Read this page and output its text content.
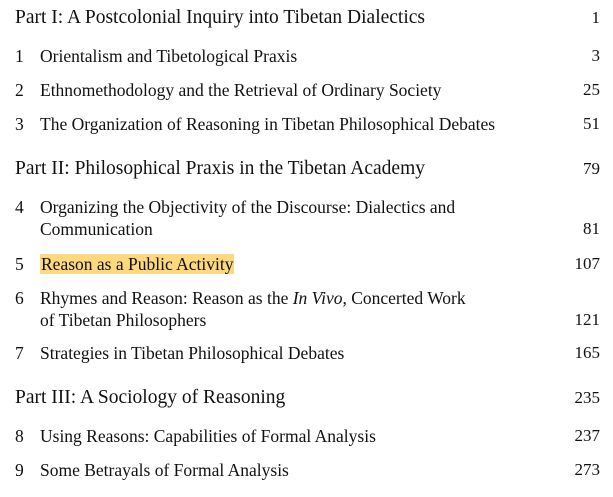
Part I: A Postcolonial Inquiry into Tibetan Dialectics	1
1 Orientalism and Tibetological Praxis	3
2 Ethnomethodology and the Retrieval of Ordinary Society	25
3 The Organization of Reasoning in Tibetan Philosophical Debates	51
Part II: Philosophical Praxis in the Tibetan Academy	79
4 Organizing the Objectivity of the Discourse: Dialectics and
Communication	81
5 Reason as a Public Activity	107
6 Rhymes and Reason: Reason as the In Vivo, Concerted Work
of Tibetan Philosophers	121
7 Strategies in Tibetan Philosophical Debates	165
Part III: A Sociology of Reasoning	235
8 Using Reasons: Capabilities of Formal Analysis	237
9 Some Betrayals of Formal Analysis	273
